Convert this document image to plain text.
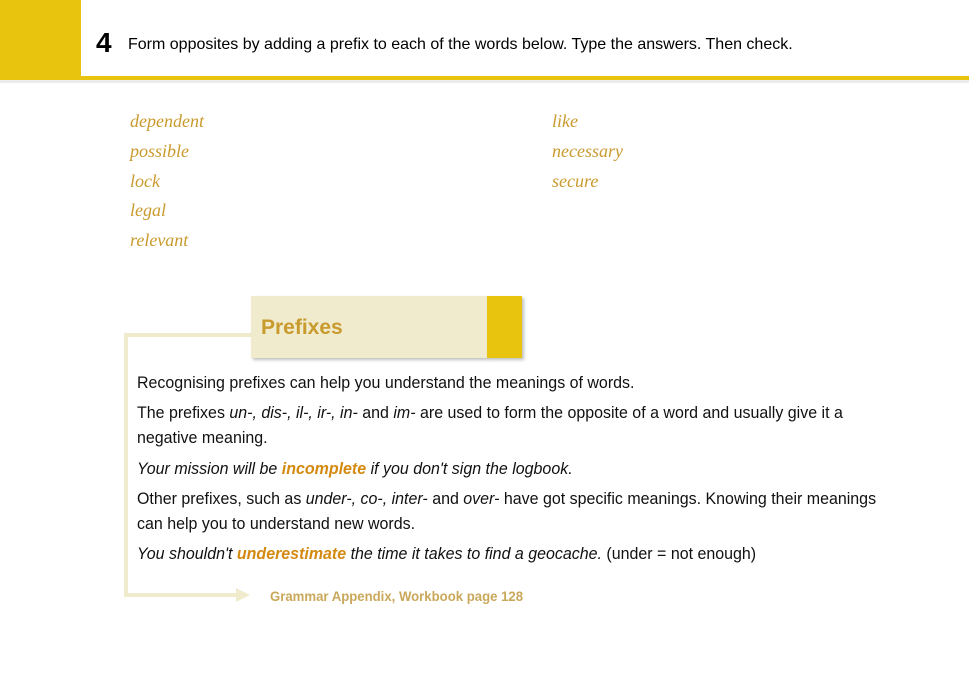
4 Form opposites by adding a prefix to each of the words below. Type the answers. Then check.
dependent
possible
lock
legal
relevant
like
necessary
secure
Prefixes
Recognising prefixes can help you understand the meanings of words.
The prefixes un-, dis-, il-, ir-, in- and im- are used to form the opposite of a word and usually give it a negative meaning.
Your mission will be incomplete if you don't sign the logbook.
Other prefixes, such as under-, co-, inter- and over- have got specific meanings. Knowing their meanings can help you to understand new words.
You shouldn't underestimate the time it takes to find a geocache. (under = not enough)
Grammar Appendix, Workbook page 128
